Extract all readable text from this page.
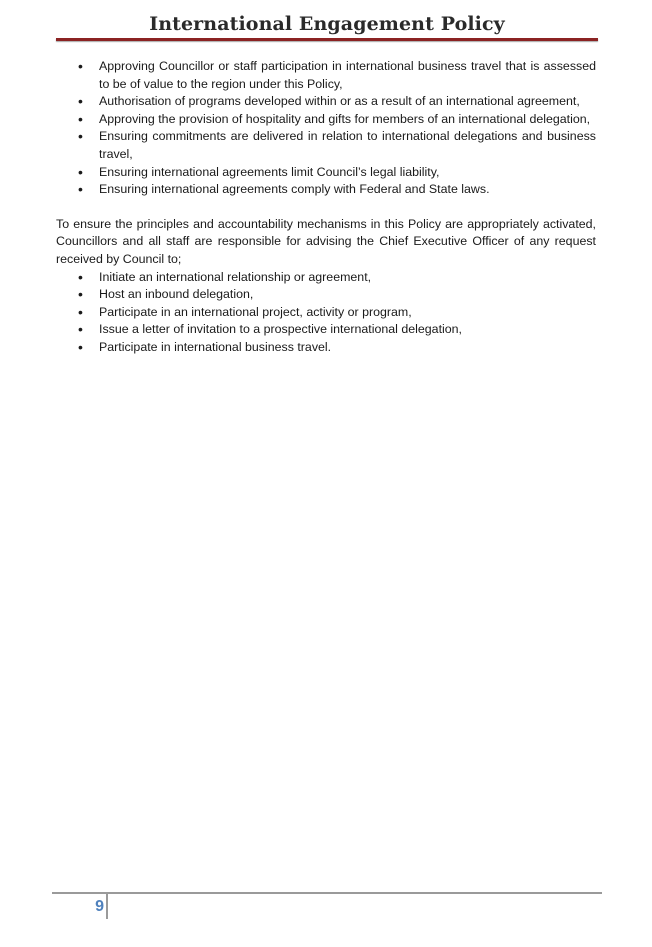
International Engagement Policy
• Approving Councillor or staff participation in international business travel that is assessed to be of value to the region under this Policy,
• Authorisation of programs developed within or as a result of an international agreement,
• Approving the provision of hospitality and gifts for members of an international delegation,
• Ensuring commitments are delivered in relation to international delegations and business travel,
• Ensuring international agreements limit Council’s legal liability,
• Ensuring international agreements comply with Federal and State laws.

To ensure the principles and accountability mechanisms in this Policy are appropriately activated, Councillors and all staff are responsible for advising the Chief Executive Officer of any request received by Council to;

• Initiate an international relationship or agreement,
• Host an inbound delegation,
• Participate in an international project, activity or program,
• Issue a letter of invitation to a prospective international delegation,
• Participate in international business travel.
9
